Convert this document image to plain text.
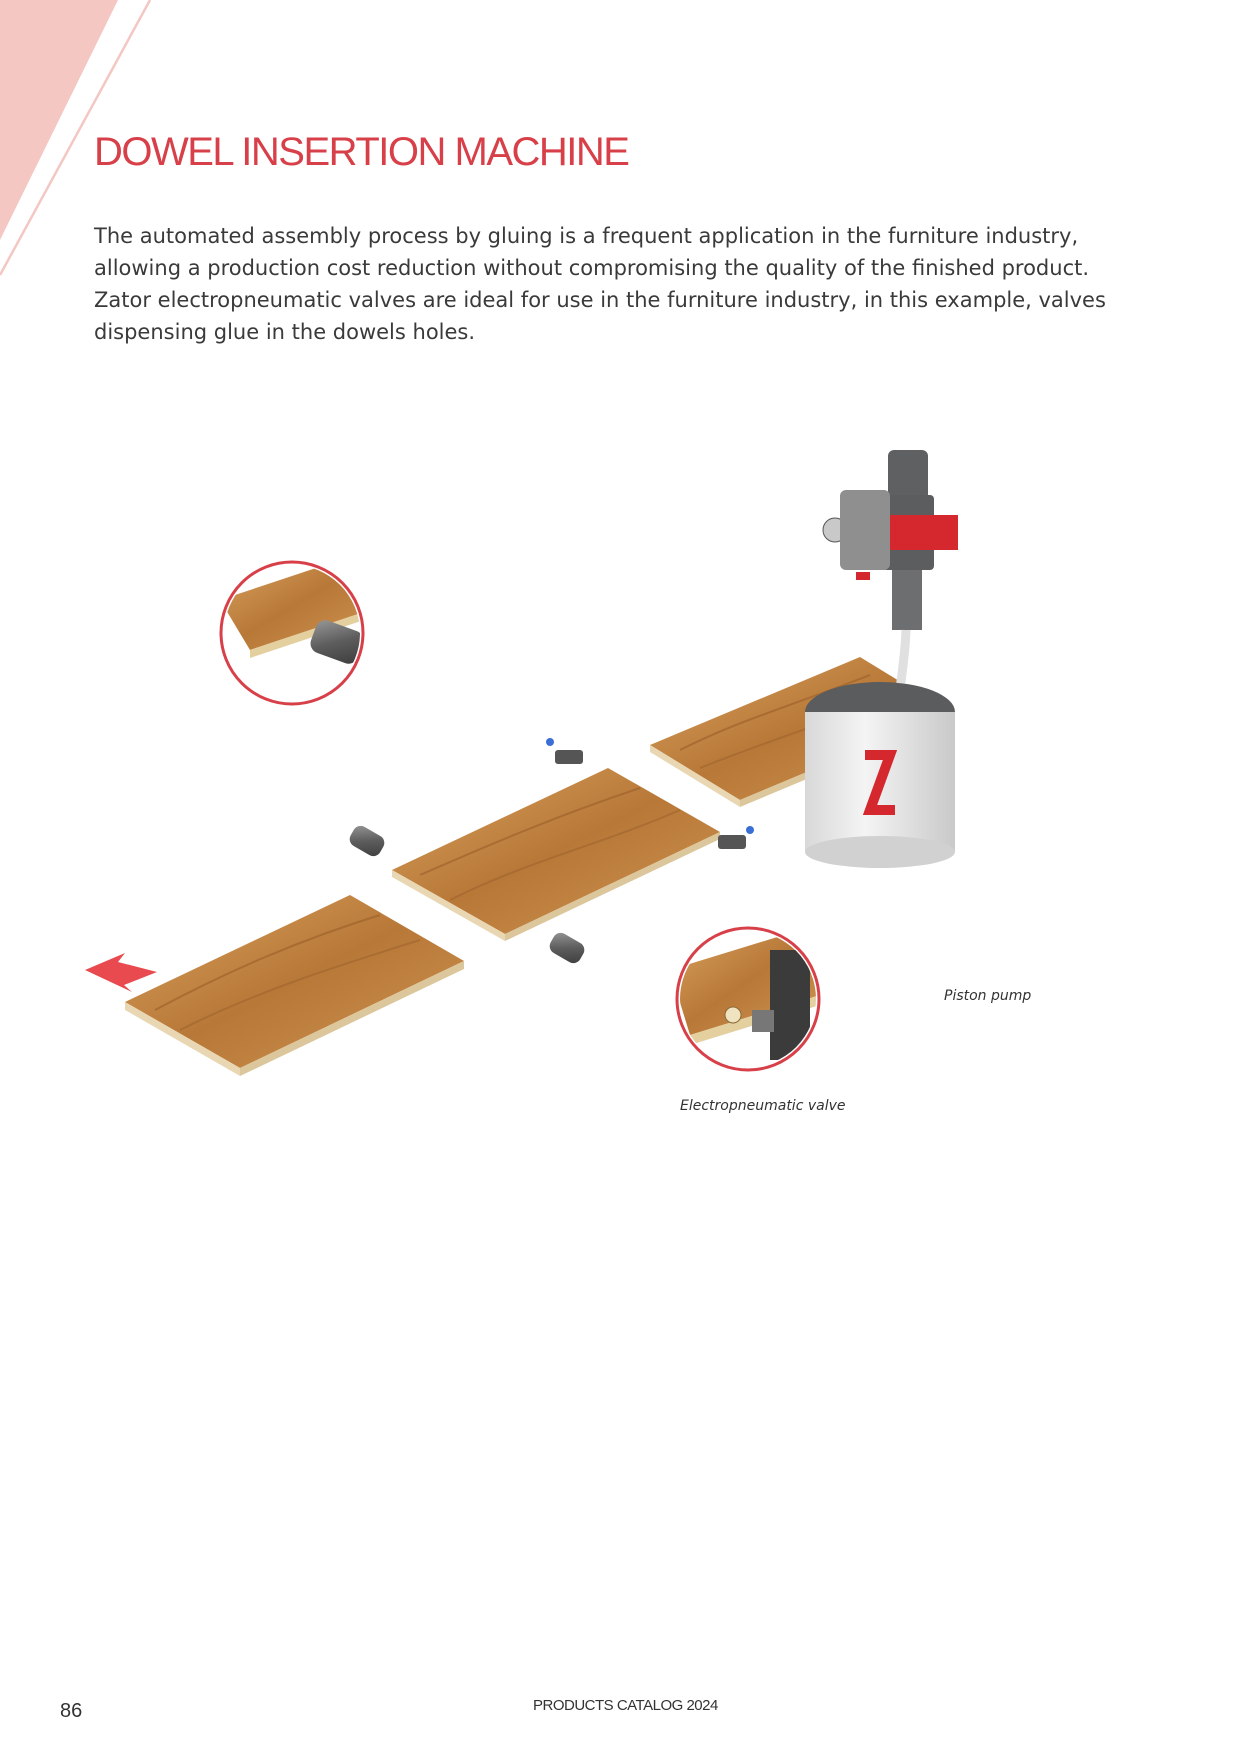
DOWEL INSERTION MACHINE

The automated assembly process by gluing is a frequent application in the furniture industry, allowing a production cost reduction without compromising the quality of the finished product.

Zator electropneumatic valves are ideal for use in the furniture industry, in this example, valves dispensing glue in the dowels holes.

Piston pump
Electropneumatic valve
86	PRODUCTS CATALOG 2024
